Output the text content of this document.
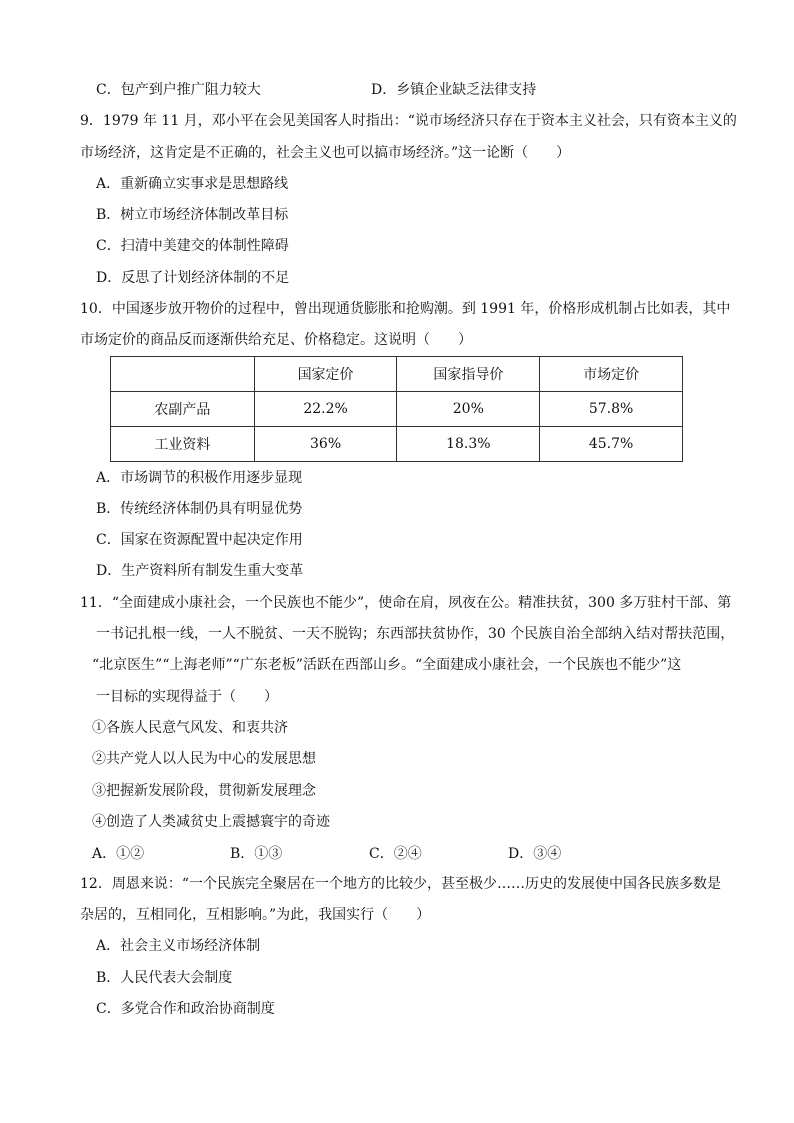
C．包产到户推广阻力较大	D．乡镇企业缺乏法律支持
9．1979 年 11 月，邓小平在会见美国客人时指出：“说市场经济只存在于资本主义社会，只有资本主义的
市场经济，这肯定是不正确的，社会主义也可以搞市场经济。”这一论断（　　）
A．重新确立实事求是思想路线
B．树立市场经济体制改革目标
C．扫清中美建交的体制性障碍
D．反思了计划经济体制的不足
10．中国逐步放开物价的过程中，曾出现通货膨胀和抢购潮。到 1991 年，价格形成机制占比如表，其中
市场定价的商品反而逐渐供给充足、价格稳定。这说明（　　）
	国家定价	国家指导价	市场定价
农副产品	22.2%	20%	57.8%
工业资料	36%	18.3%	45.7%
A．市场调节的积极作用逐步显现
B．传统经济体制仍具有明显优势
C．国家在资源配置中起决定作用
D．生产资料所有制发生重大变革
11．“全面建成小康社会，一个民族也不能少”，使命在肩，夙夜在公。精准扶贫，300 多万驻村干部、第
一书记扎根一线，一人不脱贫、一天不脱钩；东西部扶贫协作，30 个民族自治全部纳入结对帮扶范围，
“北京医生”“上海老师”“广东老板”活跃在西部山乡。“全面建成小康社会，一个民族也不能少”这
一目标的实现得益于（　　）
①各族人民意气风发、和衷共济
②共产党人以人民为中心的发展思想
③把握新发展阶段，贯彻新发展理念
④创造了人类减贫史上震撼寰宇的奇迹
A．①②	B．①③	C．②④	D．③④
12．周恩来说：“一个民族完全聚居在一个地方的比较少，甚至极少……历史的发展使中国各民族多数是
杂居的，互相同化，互相影响。”为此，我国实行（　　）
A．社会主义市场经济体制
B．人民代表大会制度
C．多党合作和政治协商制度
